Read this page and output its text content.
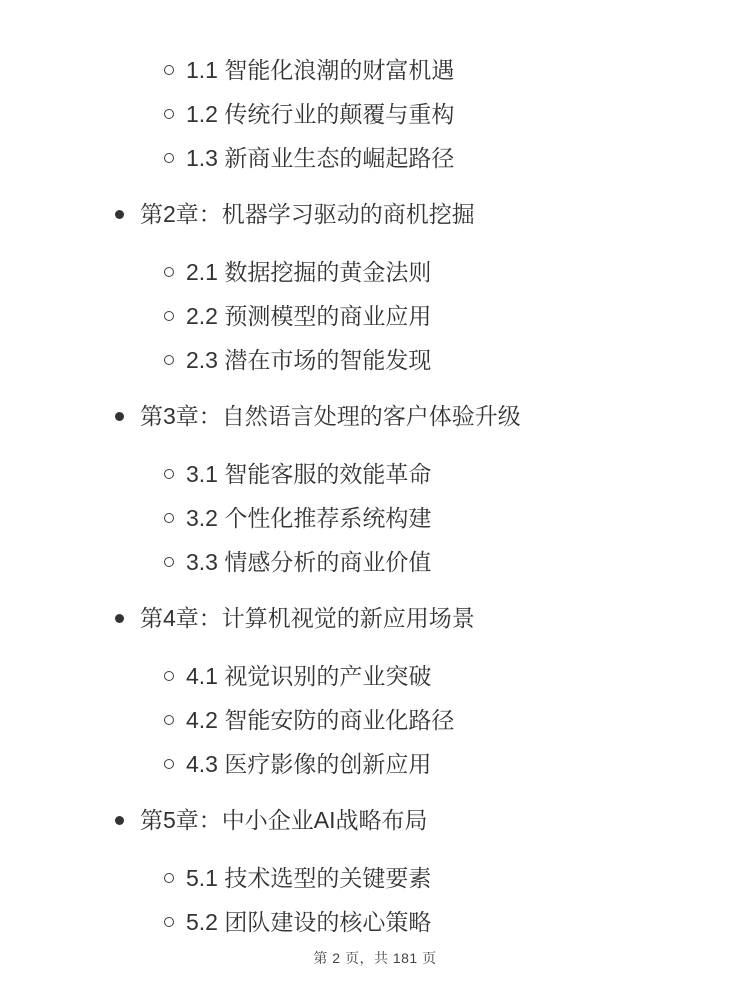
1.1 智能化浪潮的财富机遇
1.2 传统行业的颠覆与重构
1.3 新商业生态的崛起路径
第2章：机器学习驱动的商机挖掘
2.1 数据挖掘的黄金法则
2.2 预测模型的商业应用
2.3 潜在市场的智能发现
第3章：自然语言处理的客户体验升级
3.1 智能客服的效能革命
3.2 个性化推荐系统构建
3.3 情感分析的商业价值
第4章：计算机视觉的新应用场景
4.1 视觉识别的产业突破
4.2 智能安防的商业化路径
4.3 医疗影像的创新应用
第5章：中小企业AI战略布局
5.1 技术选型的关键要素
5.2 团队建设的核心策略
第 2 页，共 181 页
